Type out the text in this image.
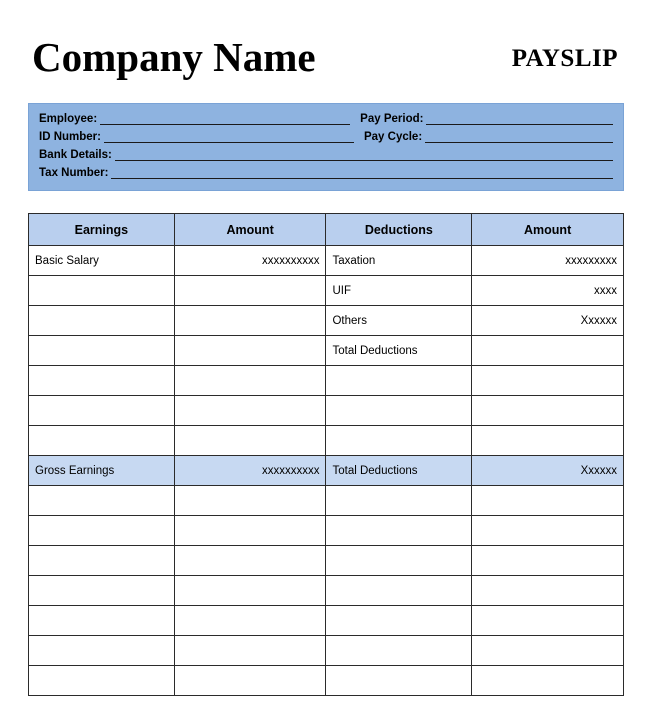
Company Name	PAYSLIP
Employee:	Pay Period:
ID Number:	Pay Cycle:
Bank Details:
Tax Number:
Earnings	Amount	Deductions	Amount
Basic Salary	xxxxxxxxxx	Taxation	xxxxxxxxx
		UIF	xxxx
		Others	Xxxxxx
		Total Deductions	

Gross Earnings	xxxxxxxxxx	Total Deductions	Xxxxxx
